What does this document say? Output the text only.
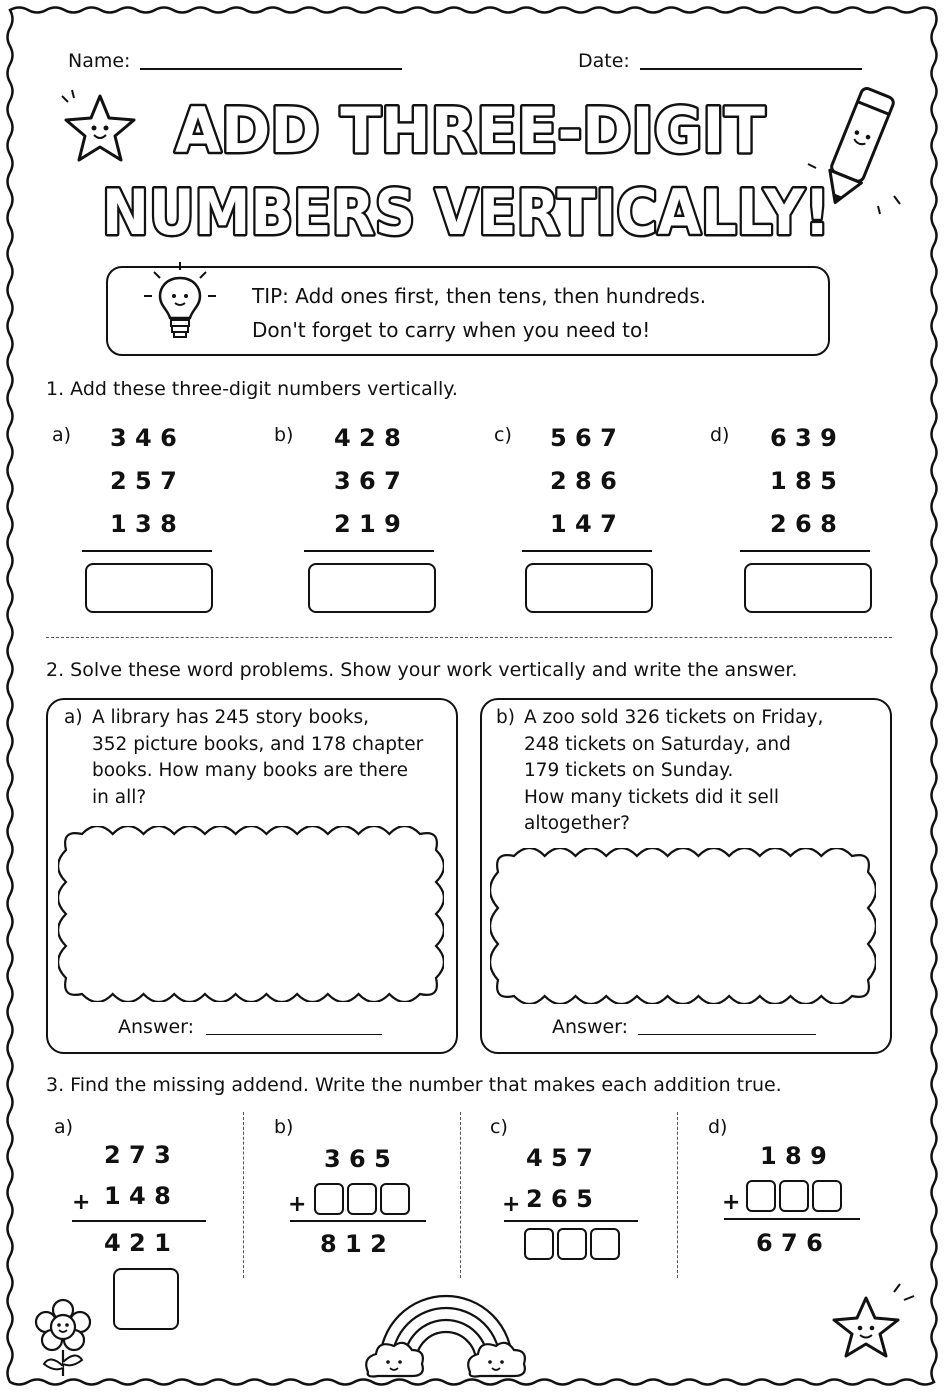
Name:	Date:
ADD THREE-DIGIT
NUMBERS VERTICALLY!
TIP: Add ones first, then tens, then hundreds.
Don't forget to carry when you need to!
1. Add these three-digit numbers vertically.
a) 3 4 6
2 5 7
1 3 8
b) 4 2 8
3 6 7
2 1 9
c) 5 6 7
2 8 6
1 4 7
d) 6 3 9
1 8 5
2 6 8
2. Solve these word problems. Show your work vertically and write the answer.
a) A library has 245 story books,
352 picture books, and 178 chapter
books. How many books are there
in all?
Answer:
b) A zoo sold 326 tickets on Friday,
248 tickets on Saturday, and
179 tickets on Sunday.
How many tickets did it sell
altogether?
Answer:
3. Find the missing addend. Write the number that makes each addition true.
a)
2 7 3
+ 1 4 8
4 2 1
b)
3 6 5
+
8 1 2
c)
4 5 7
+ 2 6 5
d)
1 8 9
+
6 7 6
